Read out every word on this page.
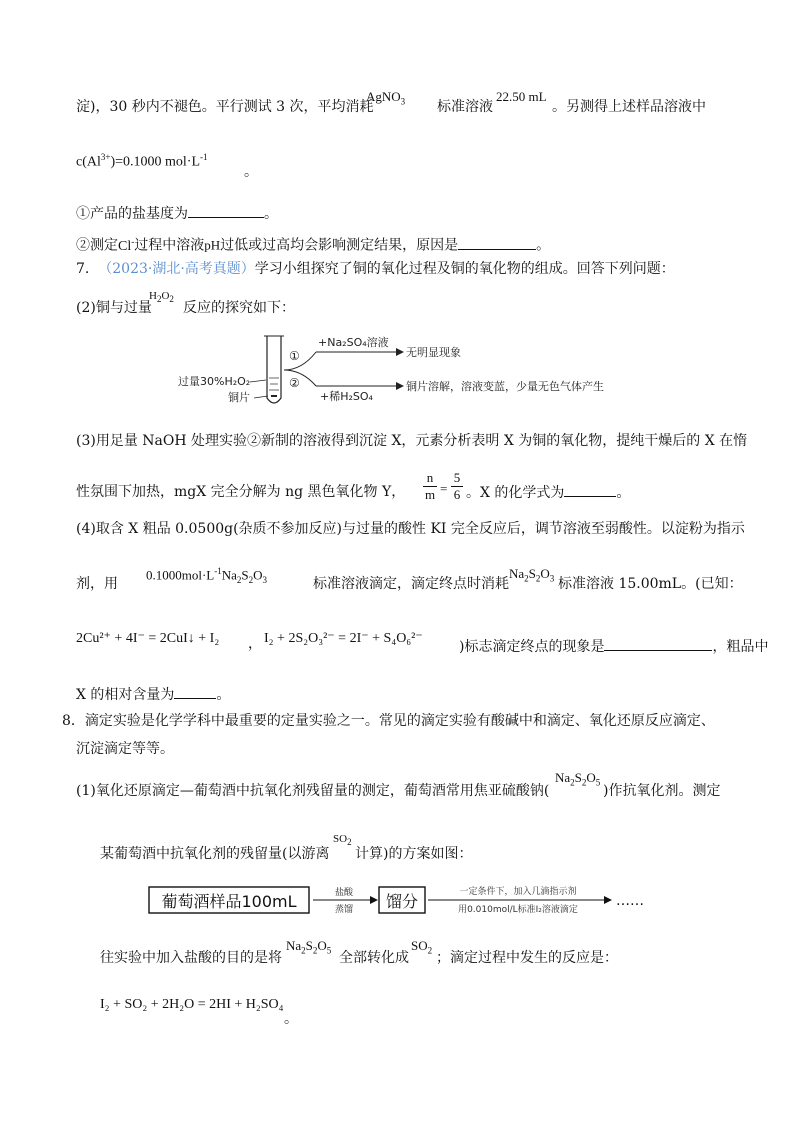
淀)，30 秒内不褪色。平行测试 3 次，平均消耗
AgNO$_3$ 标准溶液
22.50 mL
。另测得上述样品溶液中
$c(Al^{3+})=0.1000$ $mol\cdot L^{-1}$
。
①产品的盐基度为	。
②测定Cl-过程中溶液pH过低或过高均会影响测定结果，原因是	。
7. （2023·湖北·高考真题）学习小组探究了铜的氧化过程及铜的氧化物的组成。回答下列问题：
(2)铜与过量
$H_2O_2$
反应的探究如下：
过量30%H₂O₂
铜片
①
②
+Na₂SO₄溶液
+稀H₂SO₄
无明显现象
铜片溶解，溶液变蓝，少量无色气体产生
(3)用足量 NaOH 处理实验②新制的溶液得到沉淀 X，元素分析表明 X 为铜的氧化物，提纯干燥后的 X 在惰
性氛围下加热，mgX 完全分解为 ng 黑色氧化物 Y，
n
m =
5
6 。X 的化学式为	。
(4)取含 X 粗品 0.0500g(杂质不参加反应)与过量的酸性 KI 完全反应后，调节溶液至弱酸性。以淀粉为指示
剂，用
$0.1000mol\cdot L^{-1}Na_2S_2O_3$	标准溶液滴定，滴定终点时消耗
$Na_2S_2O_3$ 标准溶液 15.00mL。(已知：
2Cu²⁺ + 4I⁻ = 2CuI↓ + I₂ ， I₂ + 2S₂O₃²⁻ = 2I⁻ + S₄O₆²⁻
)标志滴定终点的现象是	，粗品中
X 的相对含量为	。
8．滴定实验是化学学科中最重要的定量实验之一。常见的滴定实验有酸碱中和滴定、氧化还原反应滴定、
沉淀滴定等等。
(1)氧化还原滴定—葡萄酒中抗氧化剂残留量的测定，葡萄酒常用焦亚硫酸钠(
$Na_2S_2O_5$
)作抗氧化剂。测定
某葡萄酒中抗氧化剂的残留量(以游离
$SO_2$
计算)的方案如图：
葡萄酒样品100mL	盐酸
蒸馏 馏分	一定条件下，加入几滴指示剂
用0.010mol/L标准I₂溶液滴定
……
往实验中加入盐酸的目的是将
$Na_2S_2O_5$ 全部转化成
$SO_2$ ；滴定过程中发生的反应是：
I₂ + SO₂ + 2H₂O = 2HI + H₂SO₄
。
